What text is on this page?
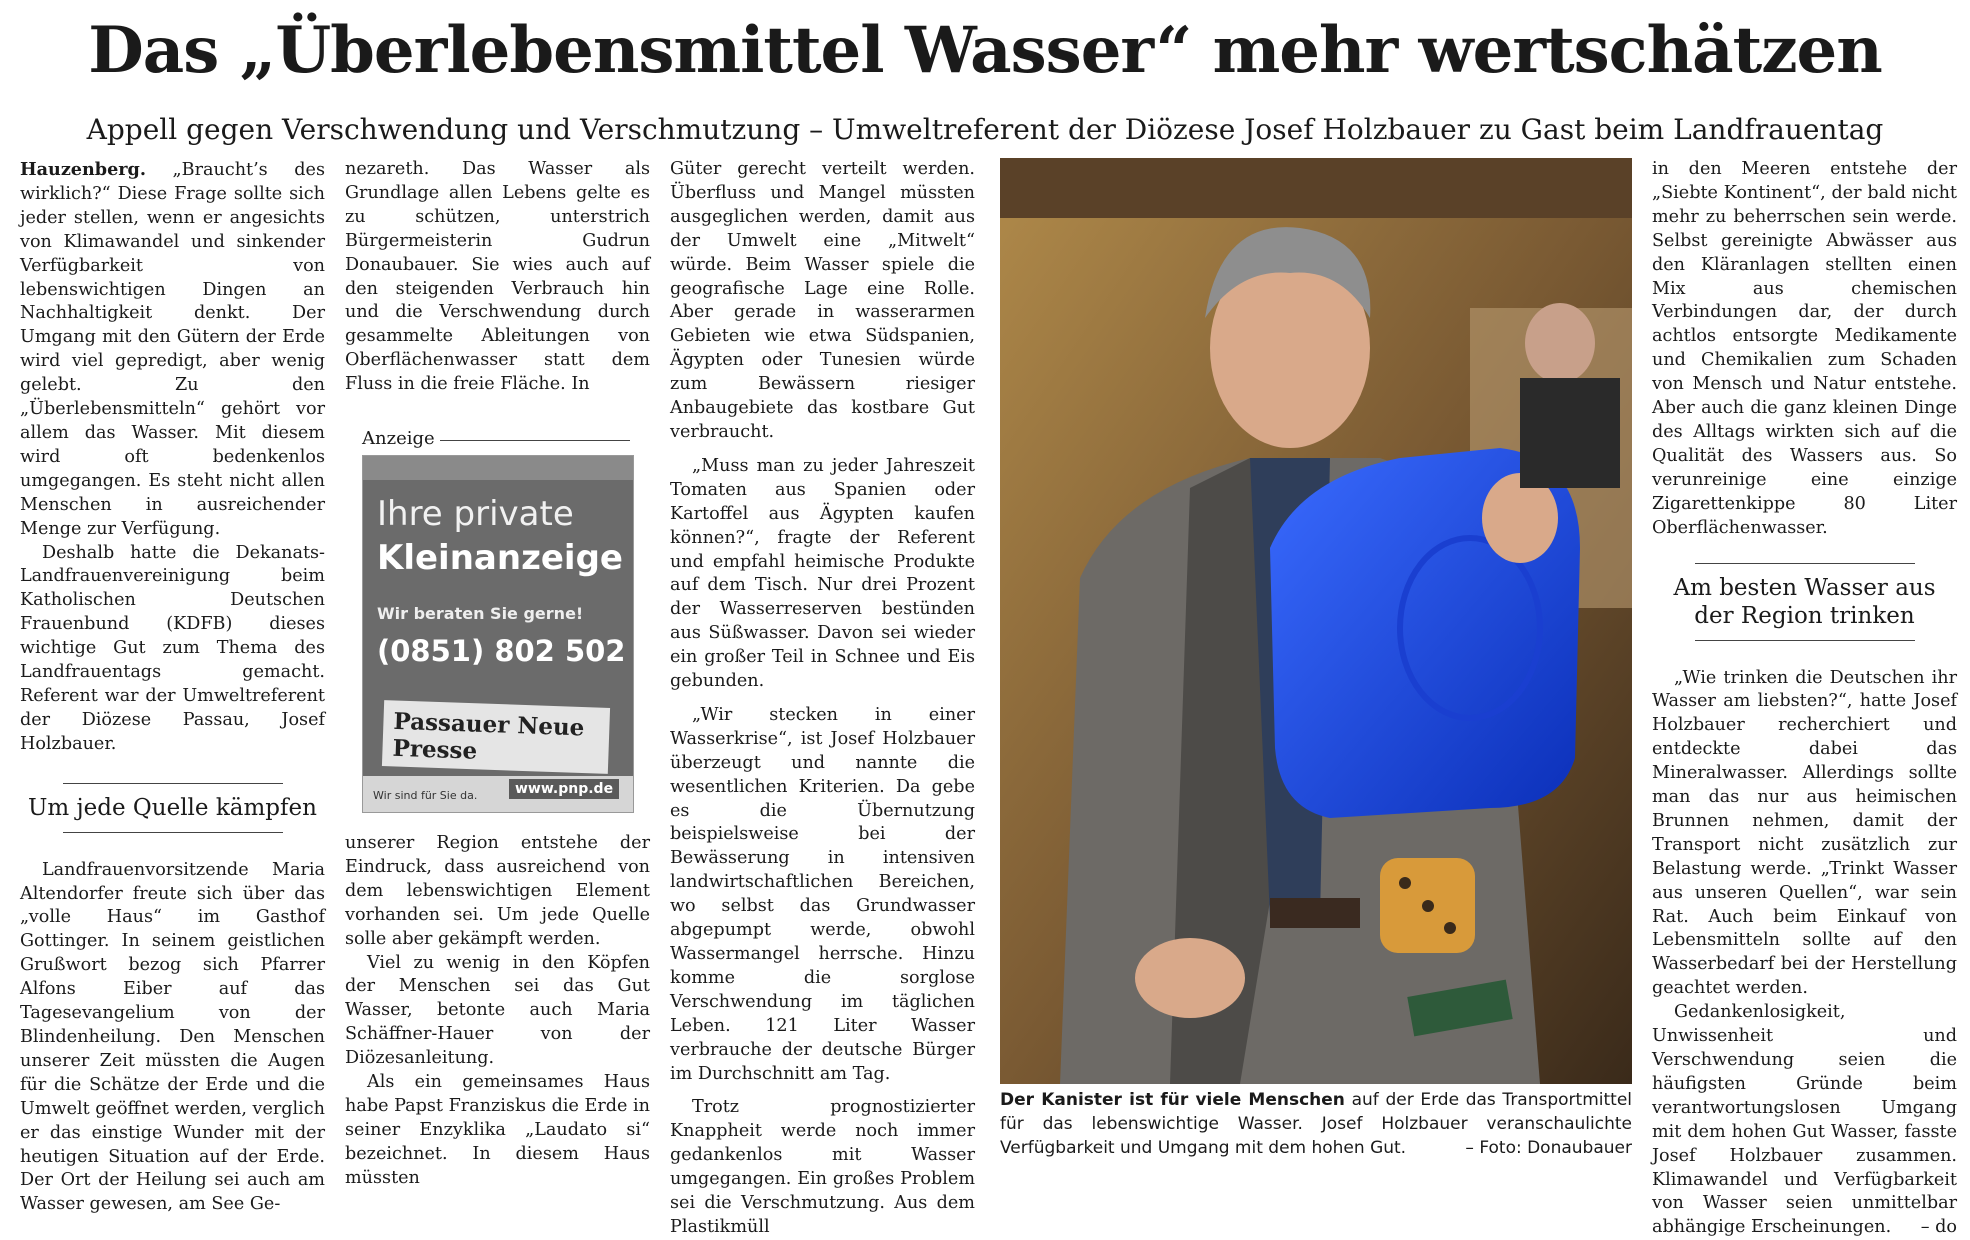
Das „Überlebensmittel Wasser“ mehr wertschätzen
Appell gegen Verschwendung und Verschmutzung – Umweltreferent der Diözese Josef Holzbauer zu Gast beim Landfrauentag

Hauzenberg. „Braucht’s des wirklich?“ Diese Frage sollte sich jeder stellen, wenn er angesichts von Klimawandel und sinkender Verfügbarkeit von lebenswichtigen Dingen an Nachhaltigkeit denkt. Der Umgang mit den Gütern der Erde wird viel gepredigt, aber wenig gelebt. Zu den „Überlebensmitteln“ gehört vor allem das Wasser. Mit diesem wird oft bedenkenlos umgegangen. Es steht nicht allen Menschen in ausreichender Menge zur Verfügung.

Deshalb hatte die Dekanats-Landfrauenvereinigung beim Katholischen Deutschen Frauenbund (KDFB) dieses wichtige Gut zum Thema des Landfrauentags gemacht. Referent war der Umweltreferent der Diözese Passau, Josef Holzbauer.

Um jede Quelle kämpfen

Landfrauenvorsitzende Maria Altendorfer freute sich über das „volle Haus“ im Gasthof Gottinger. In seinem geistlichen Grußwort bezog sich Pfarrer Alfons Eiber auf das Tagesevangelium von der Blindenheilung. Den Menschen unserer Zeit müssten die Augen für die Schätze der Erde und die Umwelt geöffnet werden, verglich er das einstige Wunder mit der heutigen Situation auf der Erde. Der Ort der Heilung sei auch am Wasser gewesen, am See Ge-

nezareth. Das Wasser als Grundlage allen Lebens gelte es zu schützen, unterstrich Bürgermeisterin Gudrun Donaubauer. Sie wies auch auf den steigenden Verbrauch hin und die Verschwendung durch gesammelte Ableitungen von Oberflächenwasser statt dem Fluss in die freie Fläche. In

Anzeige
Ihre private
Kleinanzeige
Wir beraten Sie gerne!
(0851) 802 502
Passauer Neue Presse
Wir sind für Sie da.	www.pnp.de

unserer Region entstehe der Eindruck, dass ausreichend von dem lebenswichtigen Element vorhanden sei. Um jede Quelle solle aber gekämpft werden.

Viel zu wenig in den Köpfen der Menschen sei das Gut Wasser, betonte auch Maria Schäffner-Hauer von der Diözesanleitung.

Als ein gemeinsames Haus habe Papst Franziskus die Erde in seiner Enzyklika „Laudato si“ bezeichnet. In diesem Haus müssten

Güter gerecht verteilt werden. Überfluss und Mangel müssten ausgeglichen werden, damit aus der Umwelt eine „Mitwelt“ würde. Beim Wasser spiele die geografische Lage eine Rolle. Aber gerade in wasserarmen Gebieten wie etwa Südspanien, Ägypten oder Tunesien würde zum Bewässern riesiger Anbaugebiete das kostbare Gut verbraucht.

„Muss man zu jeder Jahreszeit Tomaten aus Spanien oder Kartoffel aus Ägypten kaufen können?“, fragte der Referent und empfahl heimische Produkte auf dem Tisch. Nur drei Prozent der Wasserreserven bestünden aus Süßwasser. Davon sei wieder ein großer Teil in Schnee und Eis gebunden.

„Wir stecken in einer Wasserkrise“, ist Josef Holzbauer überzeugt und nannte die wesentlichen Kriterien. Da gebe es die Übernutzung beispielsweise bei der Bewässerung in intensiven landwirtschaftlichen Bereichen, wo selbst das Grundwasser abgepumpt werde, obwohl Wassermangel herrsche. Hinzu komme die sorglose Verschwendung im täglichen Leben. 121 Liter Wasser verbrauche der deutsche Bürger im Durchschnitt am Tag.

Trotz prognostizierter Knappheit werde noch immer gedankenlos mit Wasser umgegangen. Ein großes Problem sei die Verschmutzung. Aus dem Plastikmüll

Der Kanister ist für viele Menschen auf der Erde das Transportmittel für das lebenswichtige Wasser. Josef Holzbauer veranschaulichte Verfügbarkeit und Umgang mit dem hohen Gut.	– Foto: Donaubauer

in den Meeren entstehe der „Siebte Kontinent“, der bald nicht mehr zu beherrschen sein werde. Selbst gereinigte Abwässer aus den Kläranlagen stellten einen Mix aus chemischen Verbindungen dar, der durch achtlos entsorgte Medikamente und Chemikalien zum Schaden von Mensch und Natur entstehe. Aber auch die ganz kleinen Dinge des Alltags wirkten sich auf die Qualität des Wassers aus. So verunreinige eine einzige Zigarettenkippe 80 Liter Oberflächenwasser.

Am besten Wasser aus der Region trinken

„Wie trinken die Deutschen ihr Wasser am liebsten?“, hatte Josef Holzbauer recherchiert und entdeckte dabei das Mineralwasser. Allerdings sollte man das nur aus heimischen Brunnen nehmen, damit der Transport nicht zusätzlich zur Belastung werde. „Trinkt Wasser aus unseren Quellen“, war sein Rat. Auch beim Einkauf von Lebensmitteln sollte auf den Wasserbedarf bei der Herstellung geachtet werden.

Gedankenlosigkeit, Unwissenheit und Verschwendung seien die häufigsten Gründe beim verantwortungslosen Umgang mit dem hohen Gut Wasser, fasste Josef Holzbauer zusammen. Klimawandel und Verfügbarkeit von Wasser seien unmittelbar abhängige Erscheinungen.	– do
